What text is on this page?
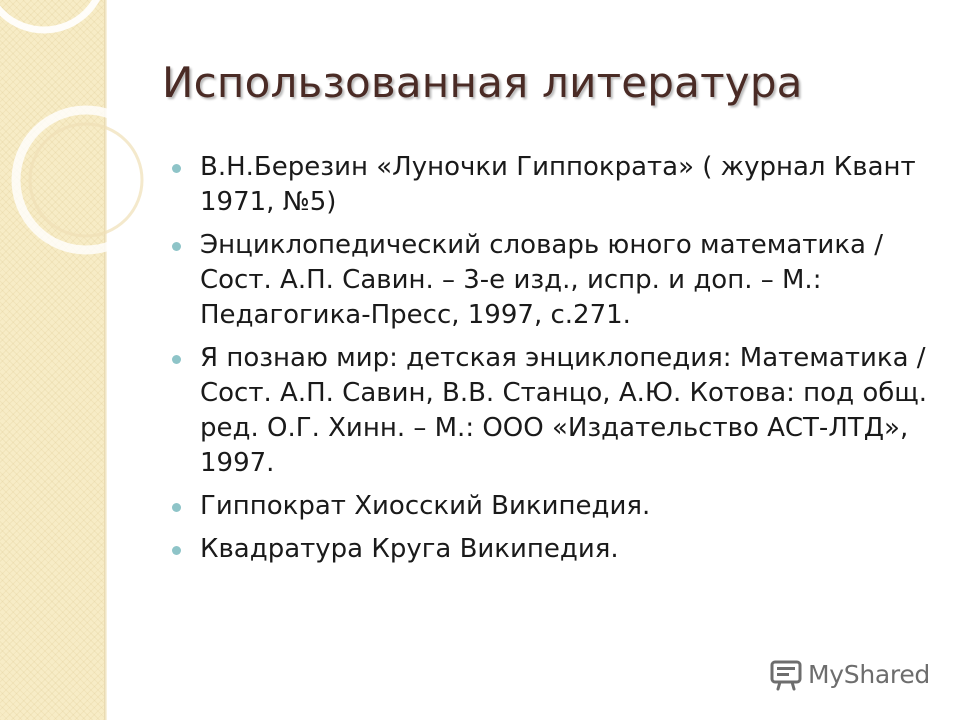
Использованная литература
В.Н.Березин «Луночки Гиппократа» ( журнал Квант 1971, №5)
Энциклопедический словарь юного математика /Сост. А.П. Савин. – 3-е изд., испр. и доп. – М.: Педагогика-Пресс, 1997, с.271.
Я познаю мир: детская энциклопедия: Математика / Сост. А.П. Савин, В.В. Станцо, А.Ю. Котова: под общ. ред. О.Г. Хинн. – М.: ООО «Издательство АСТ-ЛТД», 1997.
Гиппократ Хиосский Википедия.
Квадратура Круга Википедия.
MyShared
